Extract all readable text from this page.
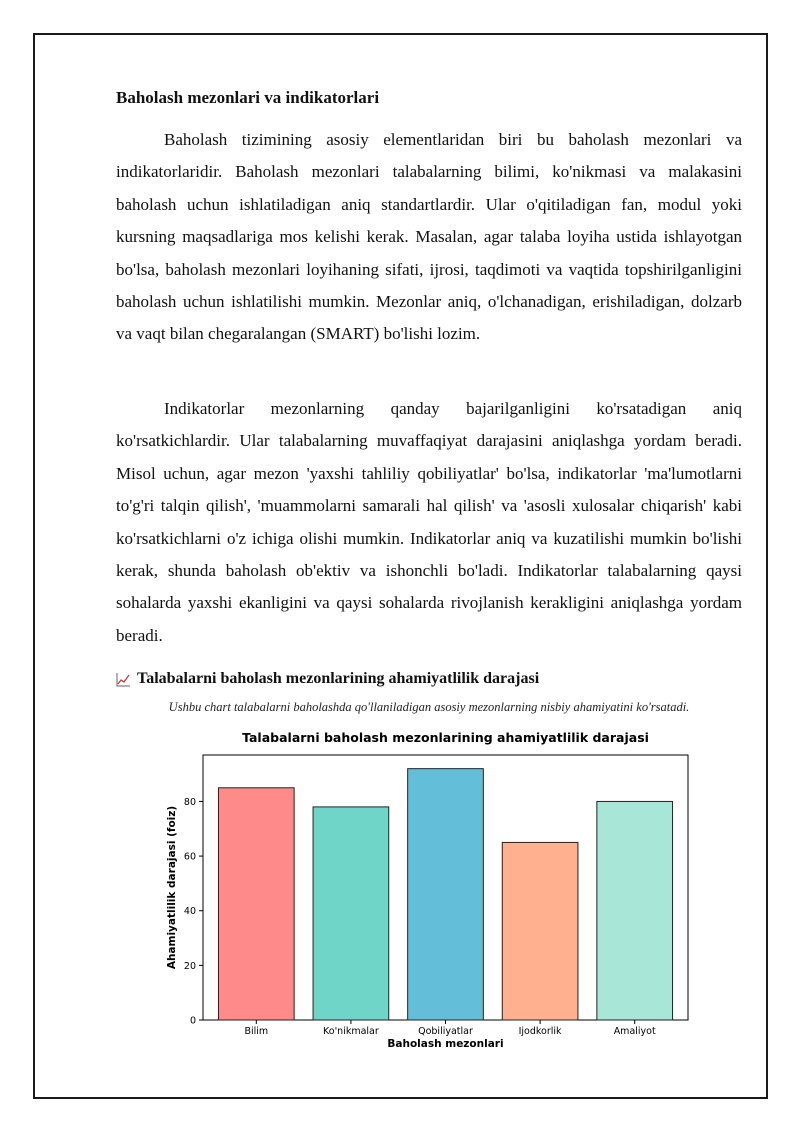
Baholash mezonlari va indikatorlari

Baholash tizimining asosiy elementlaridan biri bu baholash mezonlari va indikatorlaridir. Baholash mezonlari talabalarning bilimi, ko'nikmasi va malakasini baholash uchun ishlatiladigan aniq standartlardir. Ular o'qitiladigan fan, modul yoki kursning maqsadlariga mos kelishi kerak. Masalan, agar talaba loyiha ustida ishlayotgan bo'lsa, baholash mezonlari loyihaning sifati, ijrosi, taqdimoti va vaqtida topshirilganligini baholash uchun ishlatilishi mumkin. Mezonlar aniq, o'lchanadigan, erishiladigan, dolzarb va vaqt bilan chegaralangan (SMART) bo'lishi lozim.

Indikatorlar mezonlarning qanday bajarilganligini ko'rsatadigan aniq ko'rsatkichlardir. Ular talabalarning muvaffaqiyat darajasini aniqlashga yordam beradi. Misol uchun, agar mezon 'yaxshi tahliliy qobiliyatlar' bo'lsa, indikatorlar 'ma'lumotlarni to'g'ri talqin qilish', 'muammolarni samarali hal qilish' va 'asosli xulosalar chiqarish' kabi ko'rsatkichlarni o'z ichiga olishi mumkin. Indikatorlar aniq va kuzatilishi mumkin bo'lishi kerak, shunda baholash ob'ektiv va ishonchli bo'ladi. Indikatorlar talabalarning qaysi sohalarda yaxshi ekanligini va qaysi sohalarda rivojlanish kerakligini aniqlashga yordam beradi.

Talabalarni baholash mezonlarining ahamiyatlilik darajasi
Ushbu chart talabalarni baholashda qo'llaniladigan asosiy mezonlarning nisbiy ahamiyatini ko'rsatadi.
Talabalarni baholash mezonlarining ahamiyatlilik darajasi
0
20
40
60
80
Bilim	Ko'nikmalar	Qobiliyatlar	Ijodkorlik	Amaliyot
Baholash mezonlari
Ahamiyatlilik darajasi (foiz)
